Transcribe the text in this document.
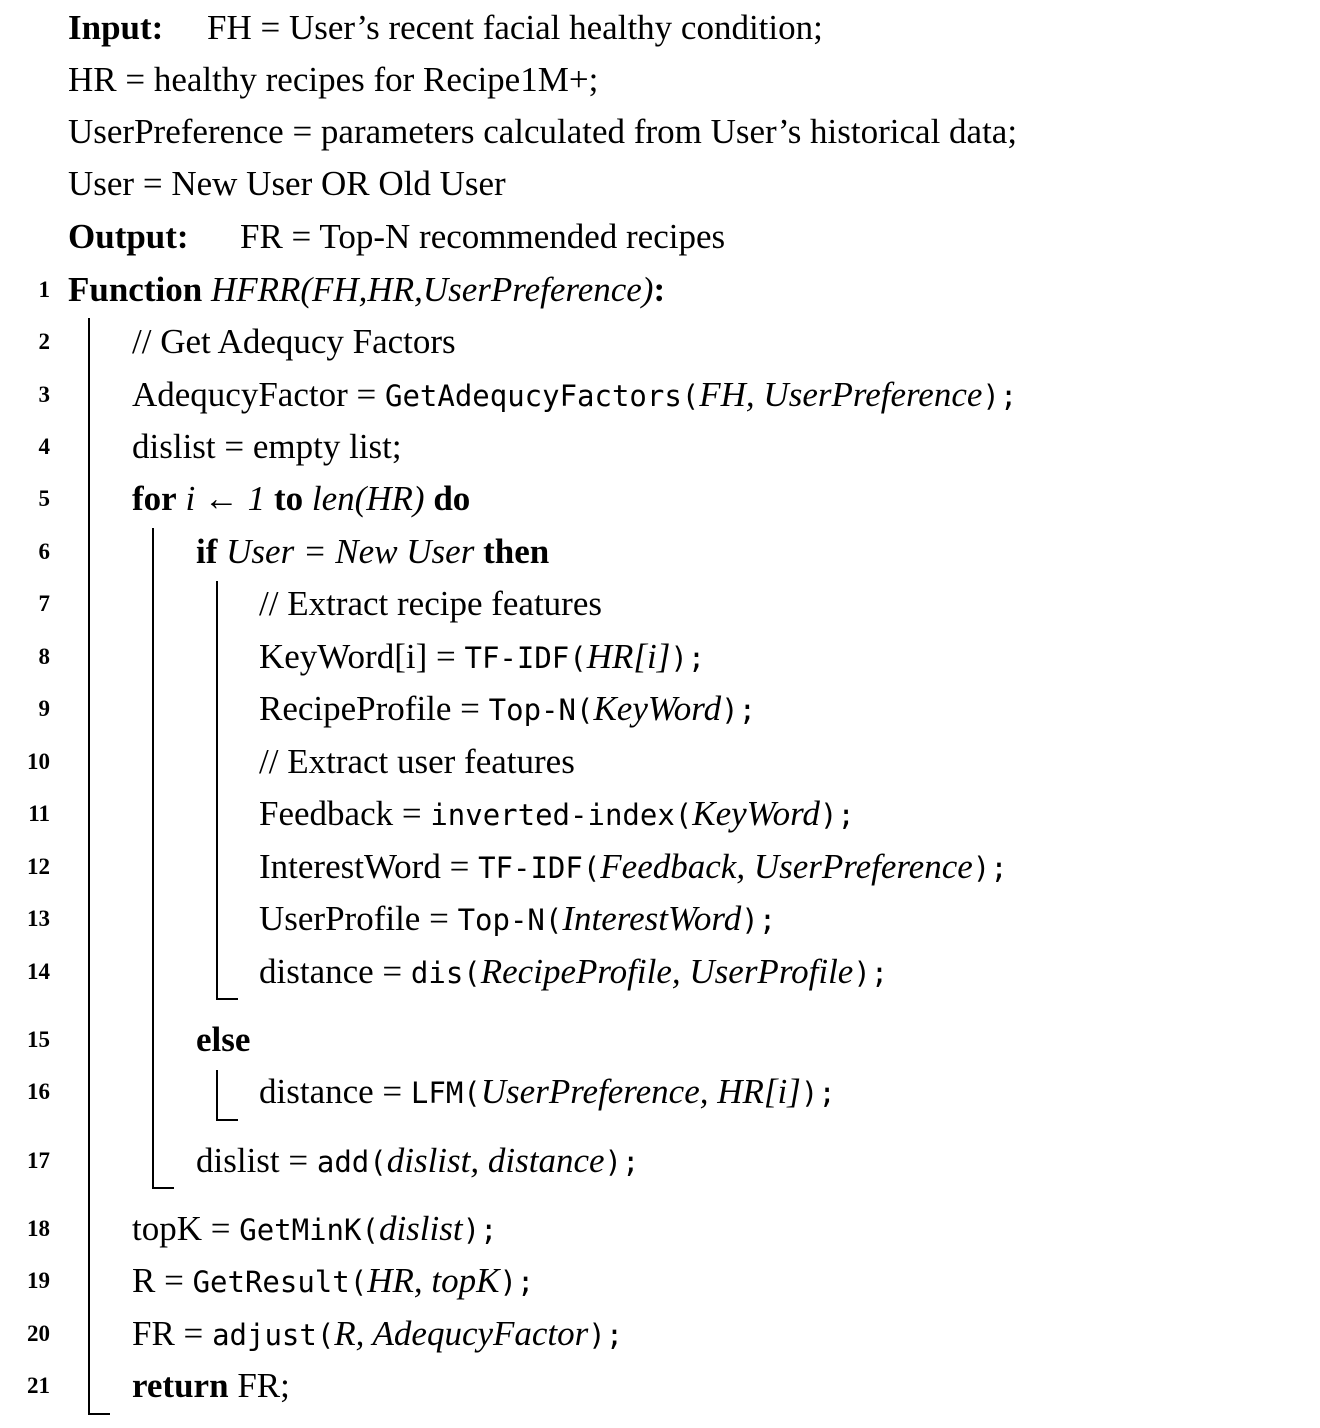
Input: FH = User’s recent facial healthy condition;
HR = healthy recipes for Recipe1M+;
UserPreference = parameters calculated from User’s historical data;
User = New User OR Old User
Output: FR = Top-N recommended recipes
1 Function HFRR(FH,HR,UserPreference):
2 // Get Adequcy Factors
3 AdequcyFactor = GetAdequcyFactors(FH, UserPreference);
4 dislist = empty list;
5 for i ← 1 to len(HR) do
6	if User = New User then
7	// Extract recipe features
8	KeyWord[i] = TF-IDF(HR[i]);
9	RecipeProfile = Top-N(KeyWord);
10	// Extract user features
11	Feedback = inverted-index(KeyWord);
12	InterestWord = TF-IDF(Feedback, UserPreference);
13	UserProfile = Top-N(InterestWord);
14	distance = dis(RecipeProfile, UserProfile);
15	else
16	distance = LFM(UserPreference, HR[i]);
17	dislist = add(dislist, distance);
18 topK = GetMinK(dislist);
19 R = GetResult(HR, topK);
20 FR = adjust(R, AdequcyFactor);
21 return FR;
